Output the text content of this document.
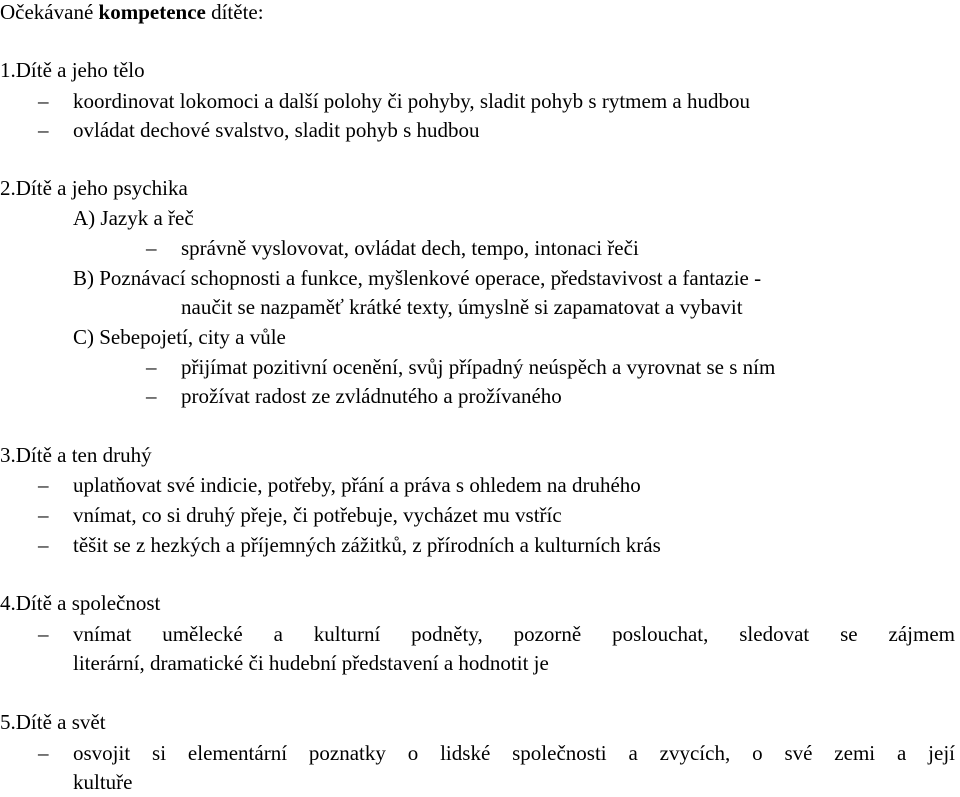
Očekávané kompetence dítěte:
1.Dítě a jeho tělo
– koordinovat lokomoci a další polohy či pohyby, sladit pohyb s rytmem a hudbou
– ovládat dechové svalstvo, sladit pohyb s hudbou
2.Dítě a jeho psychika
A) Jazyk a řeč
– správně vyslovovat, ovládat dech, tempo, intonaci řeči
B) Poznávací schopnosti a funkce, myšlenkové operace, představivost a fantazie -
naučit se nazpaměť krátké texty, úmyslně si zapamatovat a vybavit
C) Sebepojetí, city a vůle
– přijímat pozitivní ocenění, svůj případný neúspěch a vyrovnat se s ním
– prožívat radost ze zvládnutého a prožívaného
3.Dítě a ten druhý
– uplatňovat své indicie, potřeby, přání a práva s ohledem na druhého
– vnímat, co si druhý přeje, či potřebuje, vycházet mu vstříc
– těšit se z hezkých a příjemných zážitků, z přírodních a kulturních krás
4.Dítě a společnost
– vnímat umělecké a kulturní podněty, pozorně poslouchat, sledovat se zájmem
literární, dramatické či hudební představení a hodnotit je
5.Dítě a svět
– osvojit si elementární poznatky o lidské společnosti a zvycích, o své zemi a její
kultuře
